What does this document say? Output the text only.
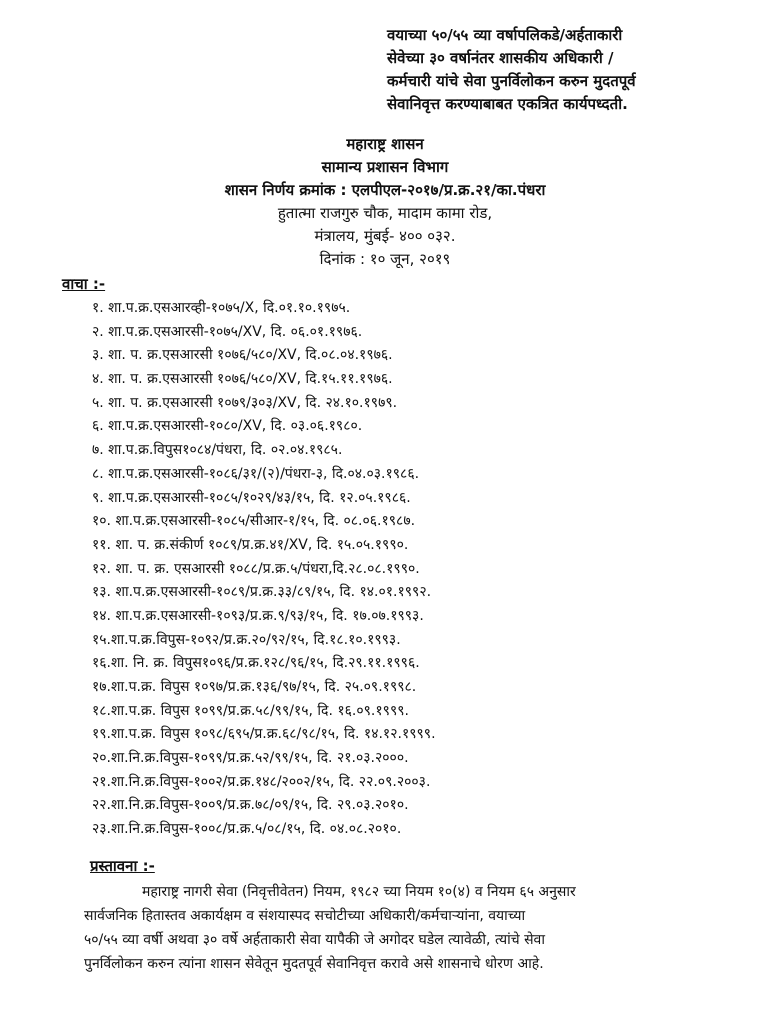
वयाच्या ५०/५५ व्या वर्षापलिकडे/अर्हताकारी
सेवेच्या ३० वर्षानंतर शासकीय अधिकारी /
कर्मचारी यांचे सेवा पुनर्विलोकन करुन मुदतपूर्व
सेवानिवृत्त करण्याबाबत एकत्रित कार्यपध्दती.
महाराष्ट्र शासन
सामान्य प्रशासन विभाग
शासन निर्णय क्रमांक : एलपीएल-२०१७/प्र.क्र.२१/का.पंधरा
हुतात्मा राजगुरु चौक, मादाम कामा रोड,
मंत्रालय, मुंबई- ४०० ०३२.
दिनांक : १० जून, २०१९
वाचा :-
१. शा.प.क्र.एसआरव्ही-१०७५/X, दि.०१.१०.१९७५.
२. शा.प.क्र.एसआरसी-१०७५/XV, दि. ०६.०१.१९७६.
३. शा. प. क्र.एसआरसी १०७६/५८०/XV, दि.०८.०४.१९७६.
४. शा. प. क्र.एसआरसी १०७६/५८०/XV, दि.१५.११.१९७६.
५. शा. प. क्र.एसआरसी १०७९/३०३/XV, दि. २४.१०.१९७९.
६. शा.प.क्र.एसआरसी-१०८०/XV, दि. ०३.०६.१९८०.
७. शा.प.क्र.विपुस१०८४/पंधरा, दि. ०२.०४.१९८५.
८. शा.प.क्र.एसआरसी-१०८६/३१/(२)/पंधरा-३, दि.०४.०३.१९८६.
९. शा.प.क्र.एसआरसी-१०८५/१०२९/४३/१५, दि. १२.०५.१९८६.
१०. शा.प.क्र.एसआरसी-१०८५/सीआर-१/१५, दि. ०८.०६.१९८७.
११. शा. प. क्र.संकीर्ण १०८९/प्र.क्र.४१/XV, दि. १५.०५.१९९०.
१२. शा. प. क्र. एसआरसी १०८८/प्र.क्र.५/पंधरा,दि.२८.०८.१९९०.
१३. शा.प.क्र.एसआरसी-१०८९/प्र.क्र.३३/८९/१५, दि. १४.०१.१९९२.
१४. शा.प.क्र.एसआरसी-१०९३/प्र.क्र.९/९३/१५, दि. १७.०७.१९९३.
१५.शा.प.क्र.विपुस-१०९२/प्र.क्र.२०/९२/१५, दि.१८.१०.१९९३.
१६.शा. नि. क्र. विपुस१०९६/प्र.क्र.१२८/९६/१५, दि.२९.११.१९९६.
१७.शा.प.क्र. विपुस १०९७/प्र.क्र.१३६/९७/१५, दि. २५.०९.१९९८.
१८.शा.प.क्र. विपुस १०९९/प्र.क्र.५८/९९/१५, दि. १६.०९.१९९९.
१९.शा.प.क्र. विपुस १०९८/६९५/प्र.क्र.६८/९८/१५, दि. १४.१२.१९९९.
२०.शा.नि.क्र.विपुस-१०९९/प्र.क्र.५२/९९/१५, दि. २१.०३.२०००.
२१.शा.नि.क्र.विपुस-१००२/प्र.क्र.१४८/२००२/१५, दि. २२.०९.२००३.
२२.शा.नि.क्र.विपुस-१००९/प्र.क्र.७८/०९/१५, दि. २९.०३.२०१०.
२३.शा.नि.क्र.विपुस-१००८/प्र.क्र.५/०८/१५, दि. ०४.०८.२०१०.
प्रस्तावना :-
महाराष्ट्र नागरी सेवा (निवृत्तीवेतन) नियम, १९८२ च्या नियम १०(४) व नियम ६५ अनुसार
सार्वजनिक हितास्तव अकार्यक्षम व संशयास्पद सचोटीच्या अधिकारी/कर्मचाऱ्यांना, वयाच्या
५०/५५ व्या वर्षी अथवा ३० वर्षे अर्हताकारी सेवा यापैकी जे अगोदर घडेल त्यावेळी, त्यांचे सेवा
पुनर्विलोकन करुन त्यांना शासन सेवेतून मुदतपूर्व सेवानिवृत्त करावे असे शासनाचे धोरण आहे.
